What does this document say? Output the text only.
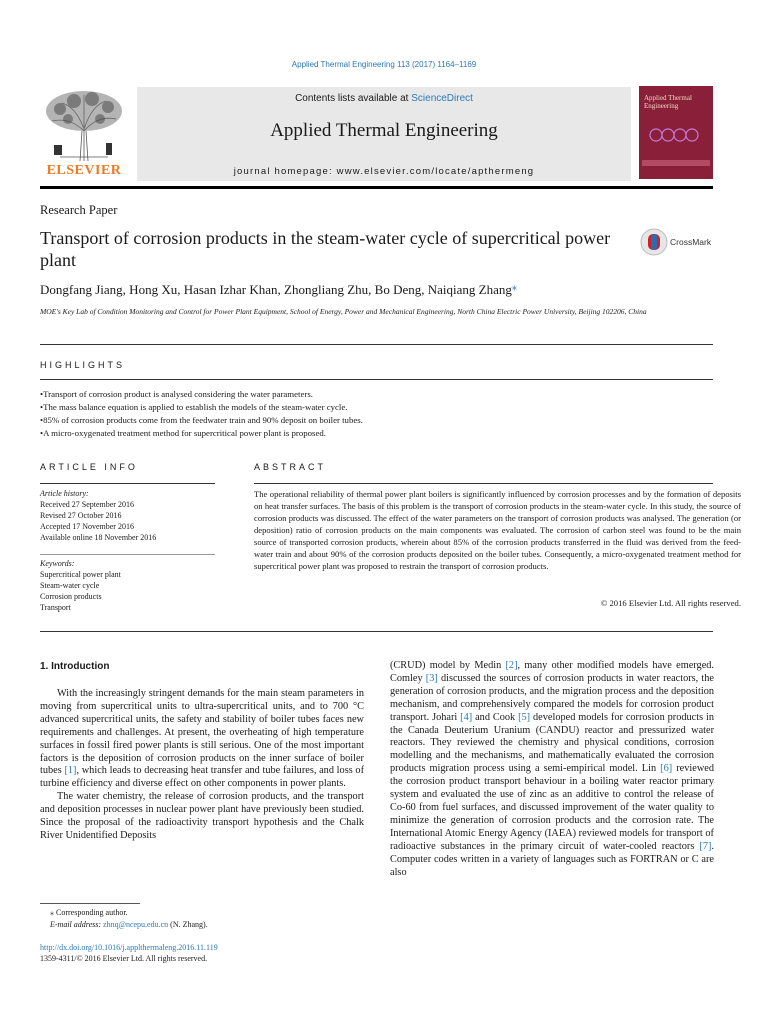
Applied Thermal Engineering 113 (2017) 1164–1169
ELSEVIER
Contents lists available at ScienceDirect
Applied Thermal Engineering
journal homepage: www.elsevier.com/locate/apthermeng
Applied Thermal Engineering
Research Paper
Transport of corrosion products in the steam-water cycle of supercritical power plant
CrossMark
Dongfang Jiang, Hong Xu, Hasan Izhar Khan, Zhongliang Zhu, Bo Deng, Naiqiang Zhang⁎
MOE's Key Lab of Condition Monitoring and Control for Power Plant Equipment, School of Energy, Power and Mechanical Engineering, North China Electric Power University, Beijing 102206, China
HIGHLIGHTS
• Transport of corrosion product is analysed considering the water parameters.
• The mass balance equation is applied to establish the models of the steam-water cycle.
• 85% of corrosion products come from the feedwater train and 90% deposit on boiler tubes.
• A micro-oxygenated treatment method for supercritical power plant is proposed.
ARTICLE INFO
Article history:
Received 27 September 2016
Revised 27 October 2016
Accepted 17 November 2016
Available online 18 November 2016
Keywords:
Supercritical power plant
Steam-water cycle
Corrosion products
Transport
ABSTRACT
The operational reliability of thermal power plant boilers is significantly influenced by corrosion processes and by the formation of deposits on heat transfer surfaces. The basis of this problem is the transport of corrosion products in the steam-water cycle. In this study, the source of corrosion products was discussed. The effect of the water parameters on the transport of corrosion products was analysed. The generation (or deposition) ratio of corrosion products on the main components was evaluated. The corrosion of carbon steel was found to be the main source of transported corrosion products, wherein about 85% of the corrosion products transferred in the fluid was derived from the feed-water train and about 90% of the corrosion products deposited on the boiler tubes. Consequently, a micro-oxygenated treatment method for supercritical power plant was proposed to restrain the transport of corrosion products.
© 2016 Elsevier Ltd. All rights reserved.
1. Introduction

With the increasingly stringent demands for the main steam parameters in moving from supercritical units to ultra-supercritical units, and to 700 °C advanced supercritical units, the safety and stability of boiler tubes faces new requirements and challenges. At present, the overheating of high temperature surfaces in fossil fired power plants is still serious. One of the most important factors is the deposition of corrosion products on the inner surface of boiler tubes [1], which leads to decreasing heat transfer and tube failures, and loss of turbine efficiency and diverse effect on other components in power plants.

The water chemistry, the release of corrosion products, and the transport and deposition processes in nuclear power plant have previously been studied. Since the proposal of the radioactivity transport hypothesis and the Chalk River Unidentified Deposits

(CRUD) model by Medin [2], many other modified models have emerged. Comley [3] discussed the sources of corrosion products in water reactors, the generation of corrosion products, and the migration process and the deposition mechanism, and comprehensively compared the models for corrosion product transport. Johari [4] and Cook [5] developed models for corrosion products in the Canada Deuterium Uranium (CANDU) reactor and pressurized water reactors. They reviewed the chemistry and physical conditions, corrosion modelling and the mechanisms, and mathematically evaluated the corrosion products migration process using a semi-empirical model. Lin [6] reviewed the corrosion product transport behaviour in a boiling water reactor primary system and evaluated the use of zinc as an additive to control the release of Co-60 from fuel surfaces, and discussed improvement of the water quality to minimize the generation of corrosion products and the corrosion rate. The International Atomic Energy Agency (IAEA) reviewed models for transport of radioactive substances in the primary circuit of water-cooled reactors [7]. Computer codes written in a variety of languages such as FORTRAN or C are also

⁎ Corresponding author.
E-mail address: zhnq@ncepu.edu.cn (N. Zhang).
http://dx.doi.org/10.1016/j.applthermaleng.2016.11.119
1359-4311/© 2016 Elsevier Ltd. All rights reserved.
